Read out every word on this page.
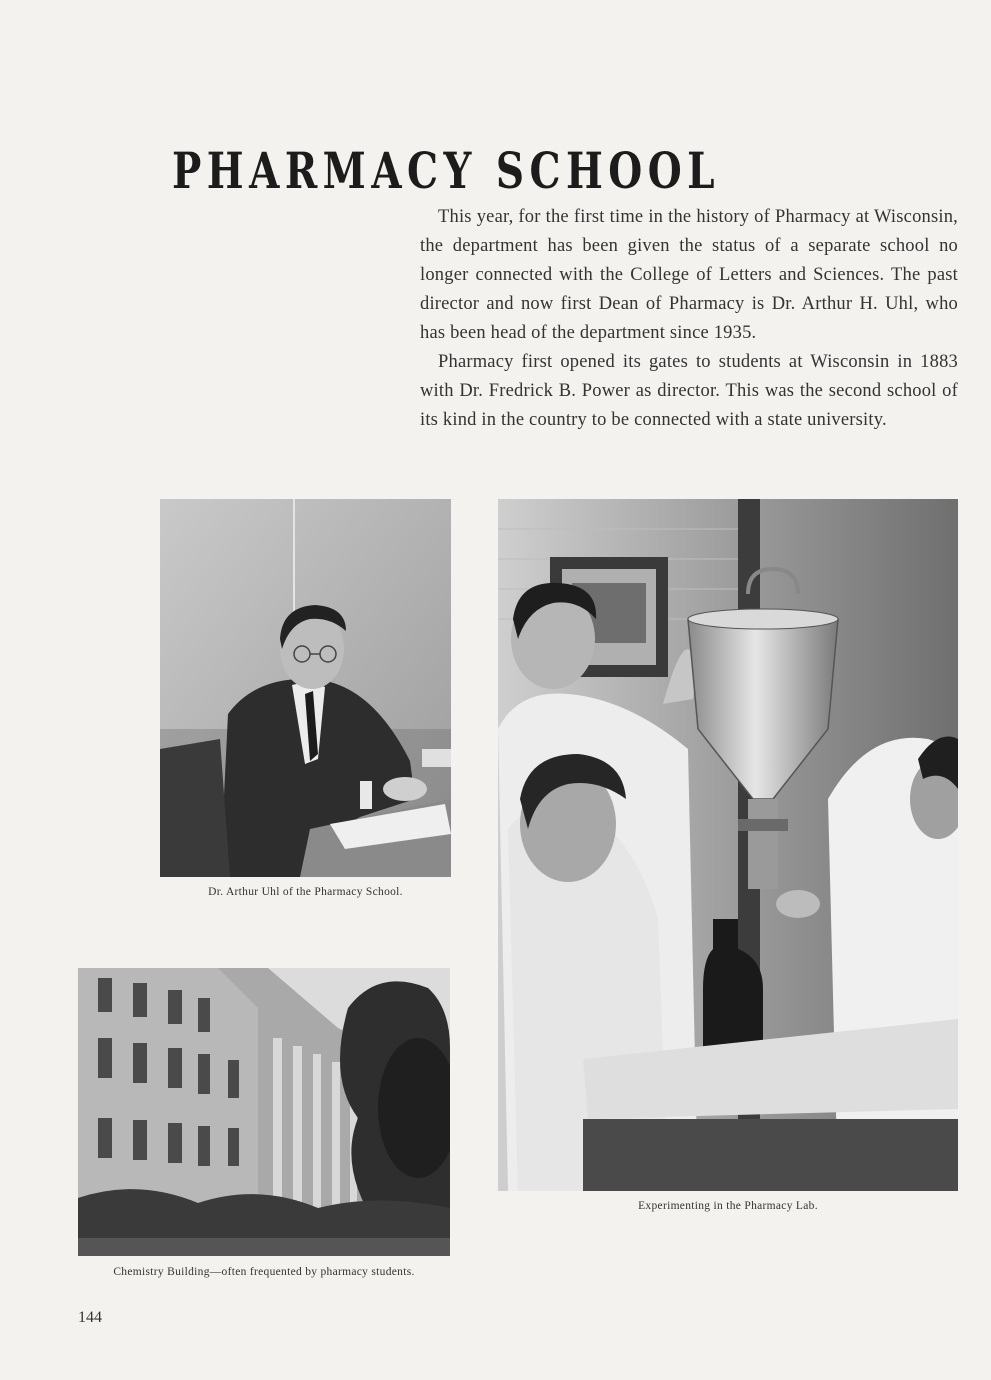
PHARMACY SCHOOL

This year, for the first time in the history of Pharmacy at Wisconsin, the department has been given the status of a separate school no longer connected with the College of Letters and Sciences. The past director and now first Dean of Pharmacy is Dr. Arthur H. Uhl, who has been head of the department since 1935.

Pharmacy first opened its gates to students at Wisconsin in 1883 with Dr. Fredrick B. Power as director. This was the second school of its kind in the country to be connected with a state university.

Dr. Arthur Uhl of the Pharmacy School.
Chemistry Building—often frequented by pharmacy students.
Experimenting in the Pharmacy Lab.
144
